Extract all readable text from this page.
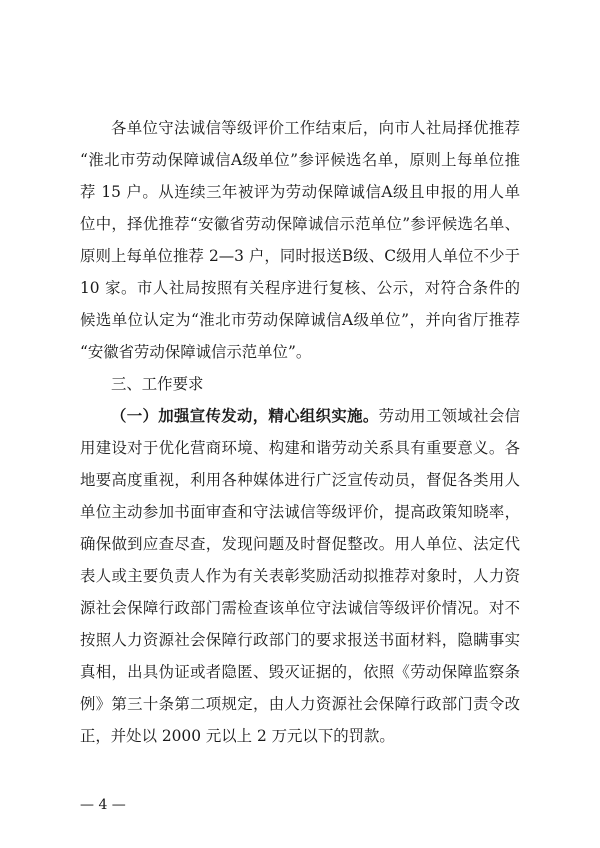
各单位守法诚信等级评价工作结束后，向市人社局择优推荐
“淮北市劳动保障诚信A级单位”参评候选名单，原则上每单位推
荐 15 户。从连续三年被评为劳动保障诚信A级且申报的用人单
位中，择优推荐“安徽省劳动保障诚信示范单位”参评候选名单、
原则上每单位推荐 2—3 户，同时报送B级、C级用人单位不少于
10 家。市人社局按照有关程序进行复核、公示，对符合条件的
候选单位认定为“淮北市劳动保障诚信A级单位”，并向省厅推荐
“安徽省劳动保障诚信示范单位”。
三、工作要求
（一）加强宣传发动，精心组织实施。劳动用工领域社会信
用建设对于优化营商环境、构建和谐劳动关系具有重要意义。各
地要高度重视，利用各种媒体进行广泛宣传动员，督促各类用人
单位主动参加书面审查和守法诚信等级评价，提高政策知晓率，
确保做到应查尽查，发现问题及时督促整改。用人单位、法定代
表人或主要负责人作为有关表彰奖励活动拟推荐对象时，人力资
源社会保障行政部门需检查该单位守法诚信等级评价情况。对不
按照人力资源社会保障行政部门的要求报送书面材料，隐瞒事实
真相，出具伪证或者隐匿、毁灭证据的，依照《劳动保障监察条
例》第三十条第二项规定，由人力资源社会保障行政部门责令改
正，并处以 2000 元以上 2 万元以下的罚款。
— 4 —
